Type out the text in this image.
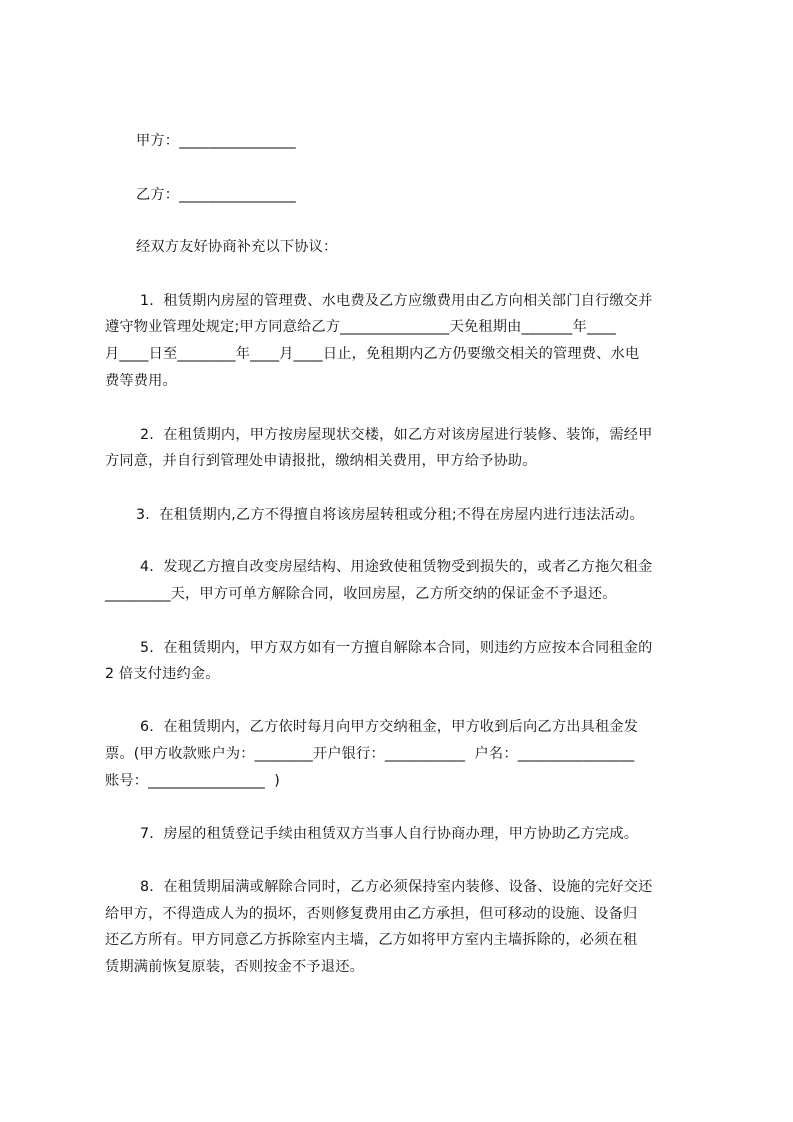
甲方：________________
乙方：________________
经双方友好协商补充以下协议：
1.  租赁期内房屋的管理费、水电费及乙方应缴费用由乙方向相关部门自行缴交并
遵守物业管理处规定;甲方同意给乙方_______________天免租期由_______年____
月____日至________年____月____日止，免租期内乙方仍要缴交相关的管理费、水电
费等费用。
2.  在租赁期内，甲方按房屋现状交楼，如乙方对该房屋进行装修、装饰，需经甲
方同意，并自行到管理处申请报批，缴纳相关费用，甲方给予协助。
3.  在租赁期内,乙方不得擅自将该房屋转租或分租;不得在房屋内进行违法活动。
4.  发现乙方擅自改变房屋结构、用途致使租赁物受到损失的，或者乙方拖欠租金
_________天，甲方可单方解除合同，收回房屋，乙方所交纳的保证金不予退还。
5.  在租赁期内，甲方双方如有一方擅自解除本合同，则违约方应按本合同租金的
2 倍支付违约金。
6.  在租赁期内，乙方依时每月向甲方交纳租金，甲方收到后向乙方出具租金发
票。(甲方收款账户为：________开户银行：___________  户名：________________
账号：________________  )
7.  房屋的租赁登记手续由租赁双方当事人自行协商办理，甲方协助乙方完成。
8.  在租赁期届满或解除合同时，乙方必须保持室内装修、设备、设施的完好交还
给甲方，不得造成人为的损坏，否则修复费用由乙方承担，但可移动的设施、设备归
还乙方所有。甲方同意乙方拆除室内主墙，乙方如将甲方室内主墙拆除的，必须在租
赁期满前恢复原装，否则按金不予退还。
